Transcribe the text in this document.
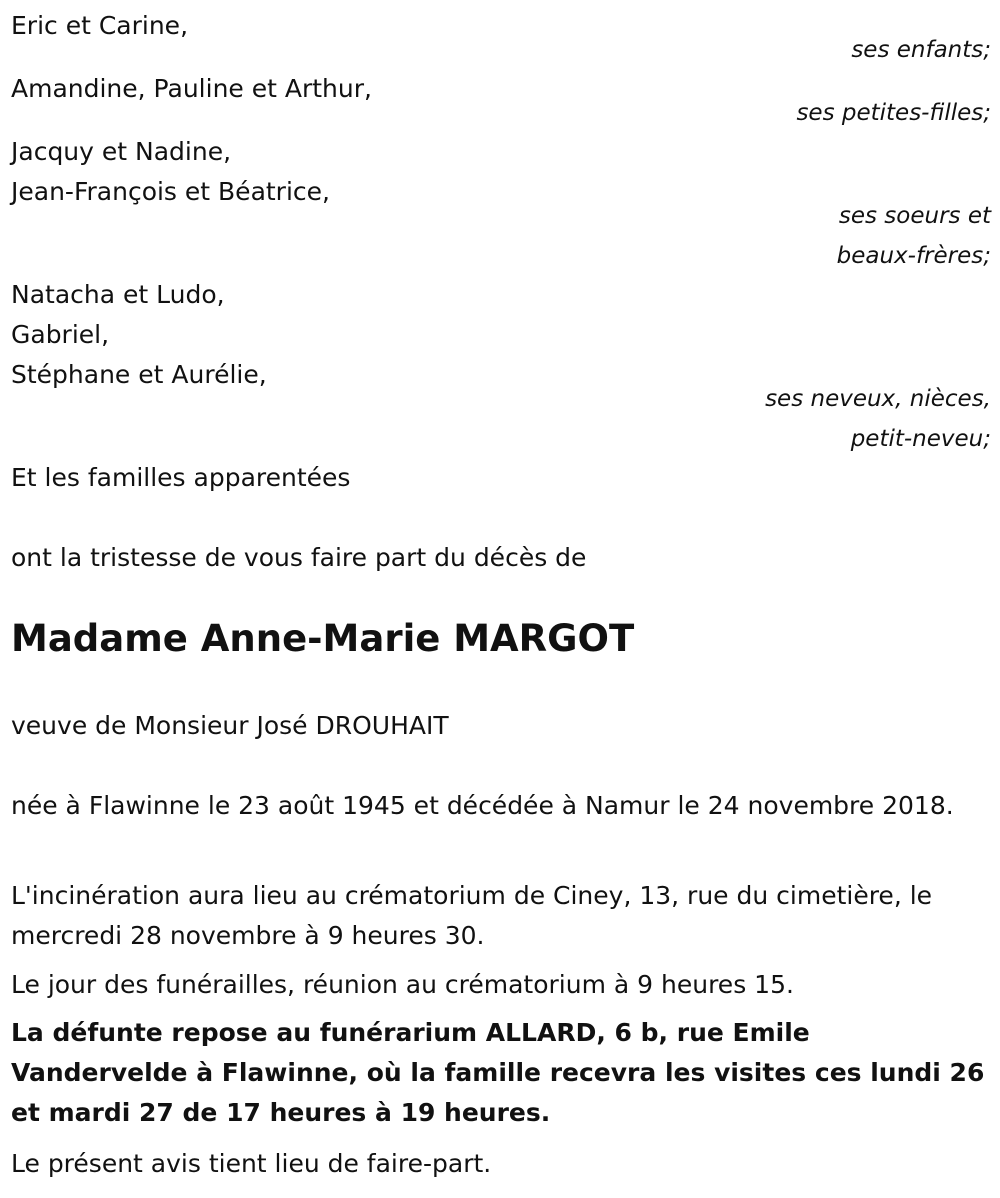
Eric et Carine,
ses enfants;
Amandine, Pauline et Arthur,
ses petites-filles;
Jacquy et Nadine,
Jean-François et Béatrice,
ses soeurs et
beaux-frères;
Natacha et Ludo,
Gabriel,
Stéphane et Aurélie,
ses neveux, nièces,
petit-neveu;
Et les familles apparentées
ont la tristesse de vous faire part du décès de
Madame Anne-Marie MARGOT
veuve de Monsieur José DROUHAIT
née à Flawinne le 23 août 1945 et décédée à Namur le 24 novembre 2018.
L'incinération aura lieu au crématorium de Ciney, 13, rue du cimetière, le mercredi 28 novembre à 9 heures 30.
Le jour des funérailles, réunion au crématorium à 9 heures 15.
La défunte repose au funérarium ALLARD, 6 b, rue Emile Vandervelde à Flawinne, où la famille recevra les visites ces lundi 26 et mardi 27 de 17 heures à 19 heures.
Le présent avis tient lieu de faire-part.
